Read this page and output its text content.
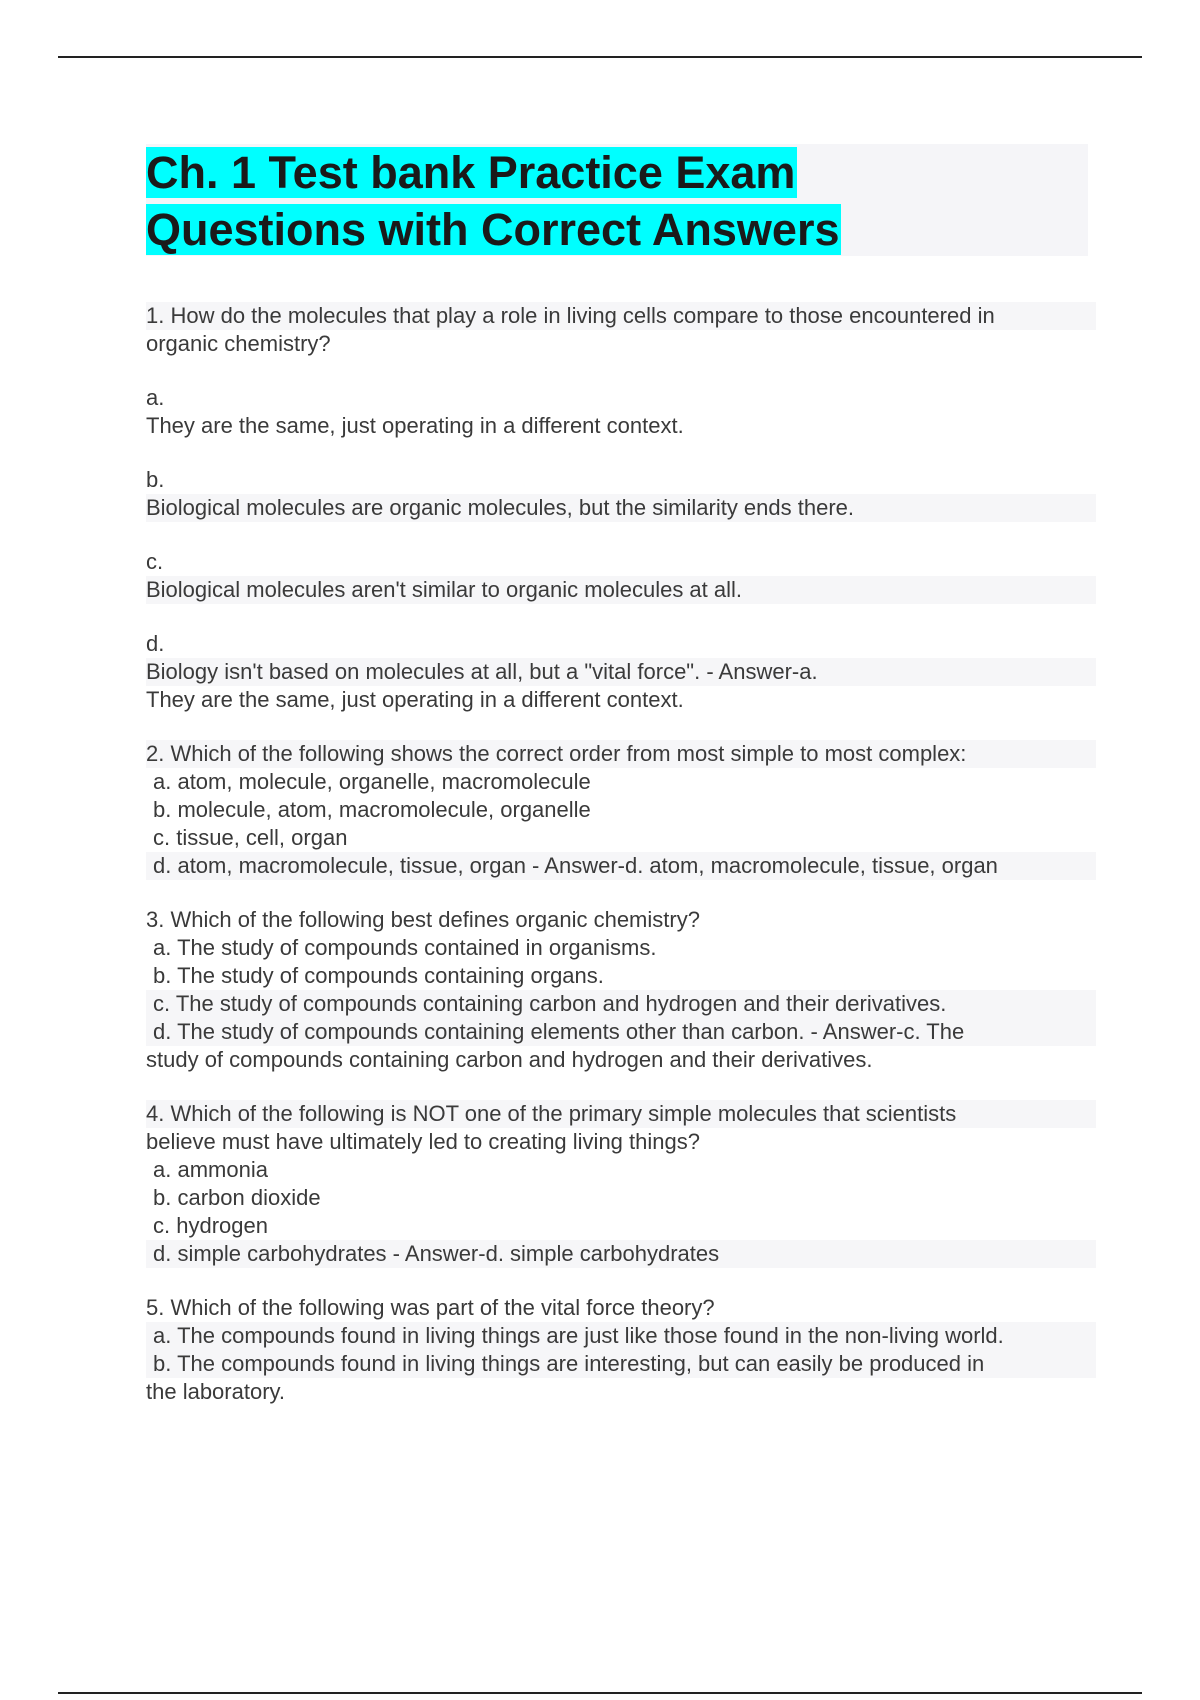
Ch. 1 Test bank Practice Exam
Questions with Correct Answers
1. How do the molecules that play a role in living cells compare to those encountered in
organic chemistry?
a.
They are the same, just operating in a different context.
b.
Biological molecules are organic molecules, but the similarity ends there.
c.
Biological molecules aren't similar to organic molecules at all.
d.
Biology isn't based on molecules at all, but a "vital force". - Answer-a.
They are the same, just operating in a different context.
2. Which of the following shows the correct order from most simple to most complex:
a. atom, molecule, organelle, macromolecule
b. molecule, atom, macromolecule, organelle
c. tissue, cell, organ
d. atom, macromolecule, tissue, organ - Answer-d. atom, macromolecule, tissue, organ
3. Which of the following best defines organic chemistry?
a. The study of compounds contained in organisms.
b. The study of compounds containing organs.
c. The study of compounds containing carbon and hydrogen and their derivatives.
d. The study of compounds containing elements other than carbon. - Answer-c. The
study of compounds containing carbon and hydrogen and their derivatives.
4. Which of the following is NOT one of the primary simple molecules that scientists
believe must have ultimately led to creating living things?
a. ammonia
b. carbon dioxide
c. hydrogen
d. simple carbohydrates - Answer-d. simple carbohydrates
5. Which of the following was part of the vital force theory?
a. The compounds found in living things are just like those found in the non-living world.
b. The compounds found in living things are interesting, but can easily be produced in
the laboratory.
